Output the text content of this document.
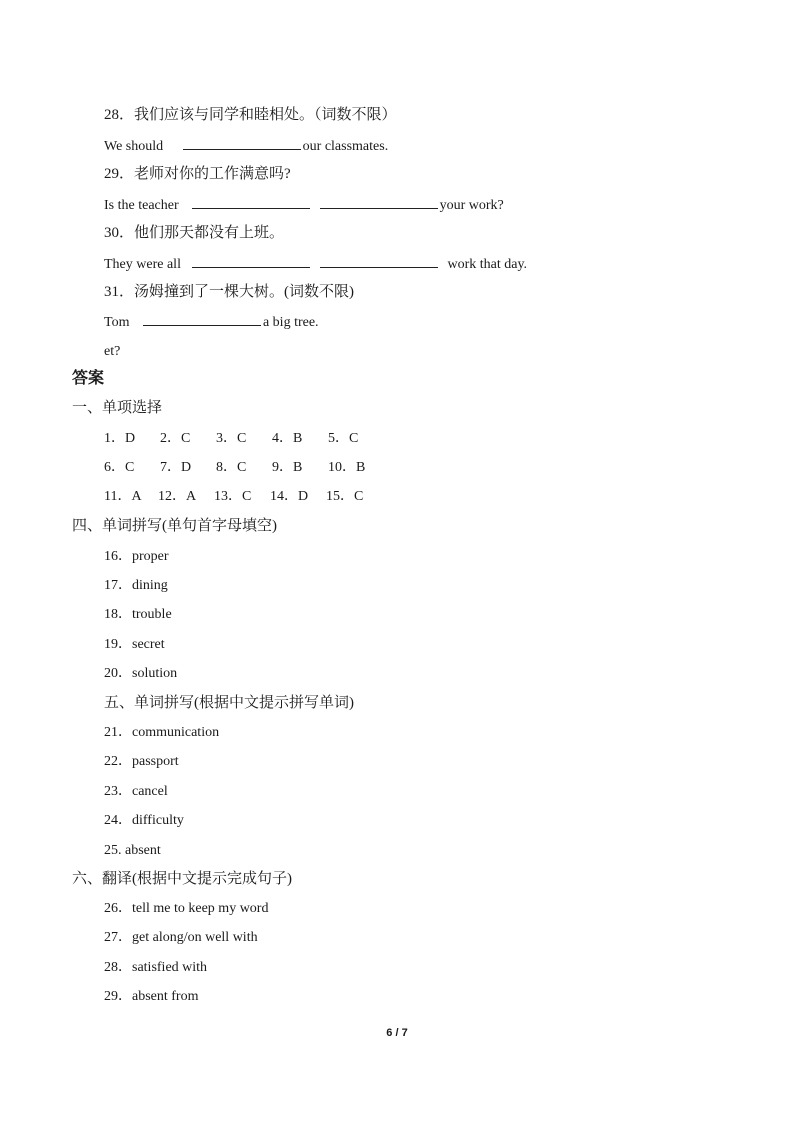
28．我们应该与同学和睦相处。（词数不限）
We should	our classmates.
29．老师对你的工作满意吗?
Is the teacher	your work?
30．他们那天都没有上班。
They were all	work that day.
31．汤姆撞到了一棵大树。(词数不限)
Tom	a big tree.
et?
答案
一、单项选择
1．D	2．C	3．C	4．B	5．C
6．C	7．D	8．C	9．B	10．B
11．A	12．A	13．C	14．D	15．C
四、单词拼写(单句首字母填空)
16．proper
17．dining
18．trouble
19．secret
20．solution
五、单词拼写(根据中文提示拼写单词)
21．communication
22．passport
23．cancel
24．difficulty
25. absent
六、翻译(根据中文提示完成句子)
26．tell me to keep my word
27．get along/on well with
28．satisfied with
29．absent from
6 / 7
